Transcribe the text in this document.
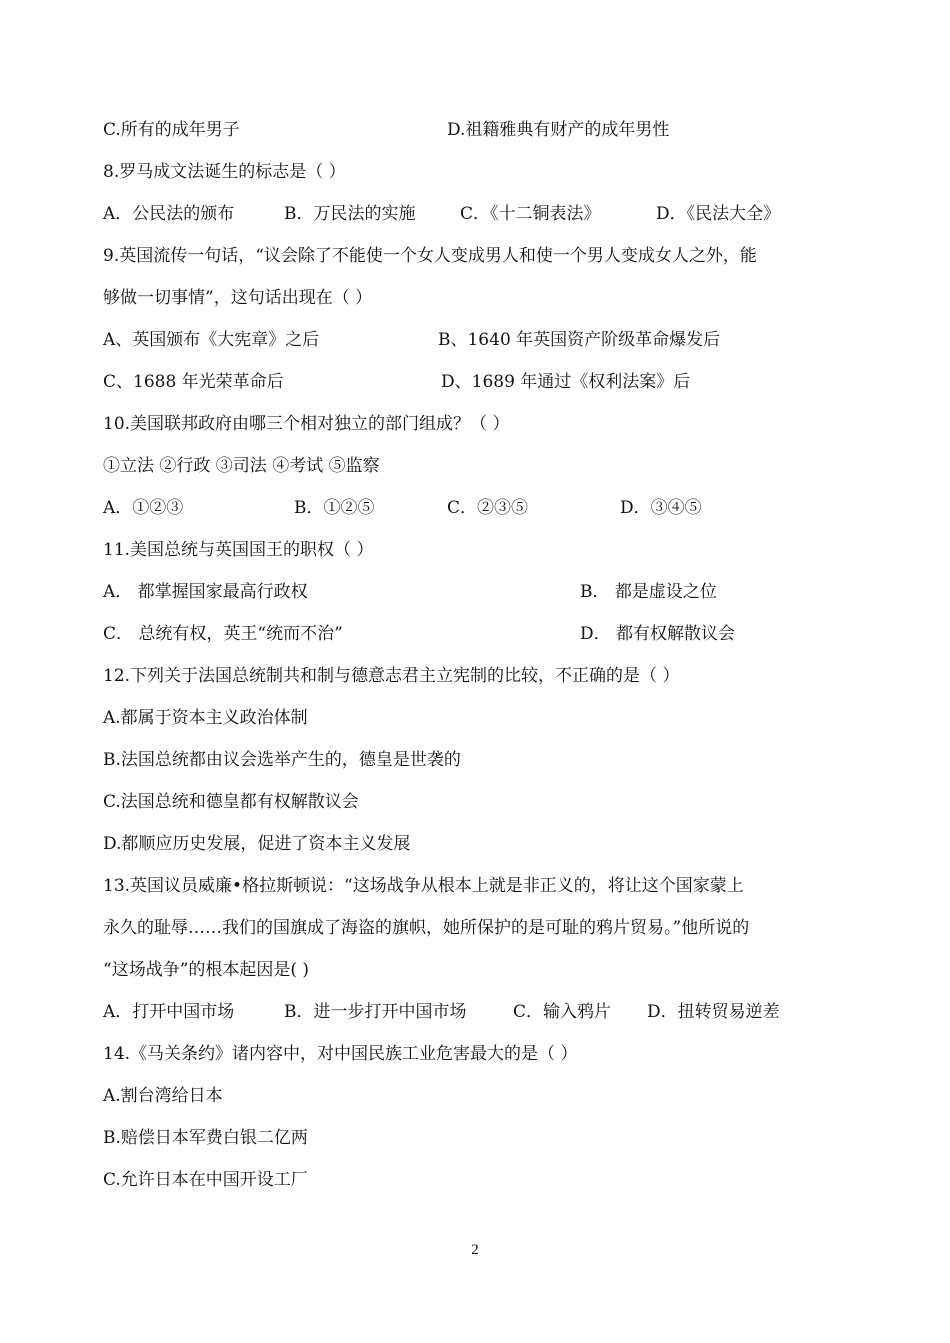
C.所有的成年男子	D.祖籍雅典有财产的成年男性
8.罗马成文法诞生的标志是（ ）
A．公民法的颁布	B．万民法的实施	C．《十二铜表法》	D．《民法大全》
9.英国流传一句话，“议会除了不能使一个女人变成男人和使一个男人变成女人之外，能
够做一切事情”，这句话出现在（ ）
A、英国颁布《大宪章》之后	B、1640 年英国资产阶级革命爆发后
C、1688 年光荣革命后	D、1689 年通过《权利法案》后
10.美国联邦政府由哪三个相对独立的部门组成？（ ）
①立法 ②行政 ③司法 ④考试 ⑤监察
A．①②③	B．①②⑤	C．②③⑤	D．③④⑤
11.美国总统与英国国王的职权（ ）
A． 都掌握国家最高行政权	B． 都是虚设之位
C． 总统有权，英王“统而不治”	D． 都有权解散议会
12.下列关于法国总统制共和制与德意志君主立宪制的比较，不正确的是（ ）
A.都属于资本主义政治体制
B.法国总统都由议会选举产生的，德皇是世袭的
C.法国总统和德皇都有权解散议会
D.都顺应历史发展，促进了资本主义发展
13.英国议员威廉•格拉斯顿说：“这场战争从根本上就是非正义的，将让这个国家蒙上
永久的耻辱……我们的国旗成了海盗的旗帜，她所保护的是可耻的鸦片贸易。”他所说的
“这场战争”的根本起因是( )
A．打开中国市场	B．进一步打开中国市场	C．输入鸦片 D．扭转贸易逆差
14.《马关条约》诸内容中，对中国民族工业危害最大的是（ ）
A.割台湾给日本
B.赔偿日本军费白银二亿两
C.允许日本在中国开设工厂
2
